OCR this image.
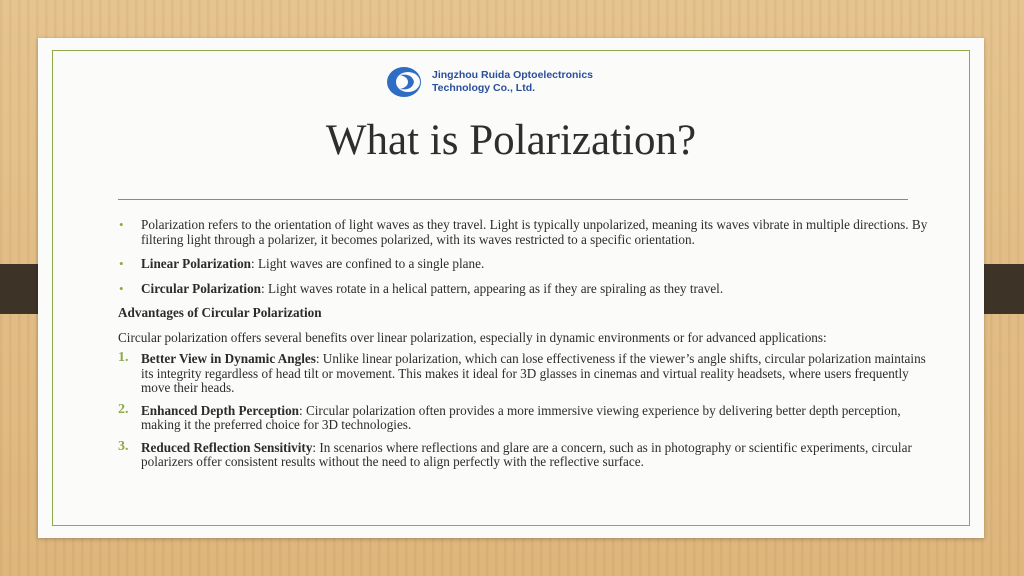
Jingzhou Ruida Optoelectronics
Technology Co., Ltd.
What is Polarization?
• Polarization refers to the orientation of light waves as they travel. Light is typically unpolarized, meaning its waves vibrate in multiple directions. By filtering light through a polarizer, it becomes polarized, with its waves restricted to a specific orientation.
• Linear Polarization: Light waves are confined to a single plane.
• Circular Polarization: Light waves rotate in a helical pattern, appearing as if they are spiraling as they travel.
Advantages of Circular Polarization
Circular polarization offers several benefits over linear polarization, especially in dynamic environments or for advanced applications:
1. Better View in Dynamic Angles: Unlike linear polarization, which can lose effectiveness if the viewer’s angle shifts, circular polarization maintains its integrity regardless of head tilt or movement. This makes it ideal for 3D glasses in cinemas and virtual reality headsets, where users frequently move their heads.
2. Enhanced Depth Perception: Circular polarization often provides a more immersive viewing experience by delivering better depth perception, making it the preferred choice for 3D technologies.
3. Reduced Reflection Sensitivity: In scenarios where reflections and glare are a concern, such as in photography or scientific experiments, circular polarizers offer consistent results without the need to align perfectly with the reflective surface.
